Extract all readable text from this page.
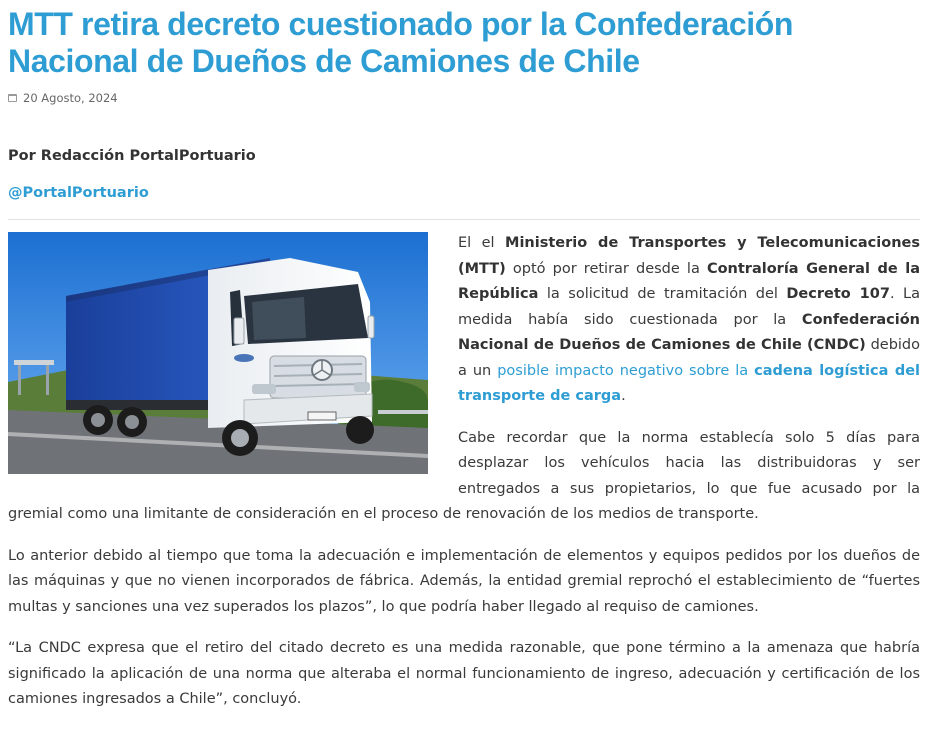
MTT retira decreto cuestionado por la Confederación Nacional de Dueños de Camiones de Chile
20 Agosto, 2024
Por Redacción PortalPortuario
@PortalPortuario

El el Ministerio de Transportes y Telecomunicaciones (MTT) optó por retirar desde la Contraloría General de la República la solicitud de tramitación del Decreto 107. La medida había sido cuestionada por la Confederación Nacional de Dueños de Camiones de Chile (CNDC) debido a un posible impacto negativo sobre la cadena logística del transporte de carga.

Cabe recordar que la norma establecía solo 5 días para desplazar los vehículos hacia las distribuidoras y ser entregados a sus propietarios, lo que fue acusado por la gremial como una limitante de consideración en el proceso de renovación de los medios de transporte.

Lo anterior debido al tiempo que toma la adecuación e implementación de elementos y equipos pedidos por los dueños de las máquinas y que no vienen incorporados de fábrica. Además, la entidad gremial reprochó el establecimiento de “fuertes multas y sanciones una vez superados los plazos”, lo que podría haber llegado al requiso de camiones.

“La CNDC expresa que el retiro del citado decreto es una medida razonable, que pone término a la amenaza que habría significado la aplicación de una norma que alteraba el normal funcionamiento de ingreso, adecuación y certificación de los camiones ingresados a Chile”, concluyó.
